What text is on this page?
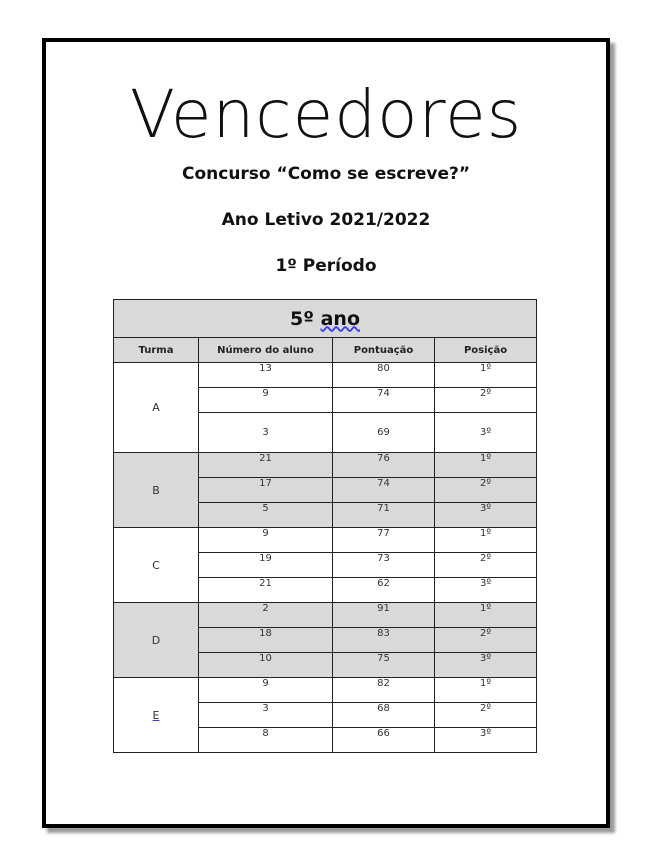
Vencedores
Concurso “Como se escreve?”
Ano Letivo 2021/2022
1º Período
5º ano			
Turma	Número do aluno	Pontuação	Posição
A	13	80	1º
	9	74	2º
	3	69	3º
B	21	76	1º
	17	74	2º
	5	71	3º
C	9	77	1º
	19	73	2º
	21	62	3º
D	2	91	1º
	18	83	2º
	10	75	3º
E	9	82	1º
	3	68	2º
	8	66	3º
